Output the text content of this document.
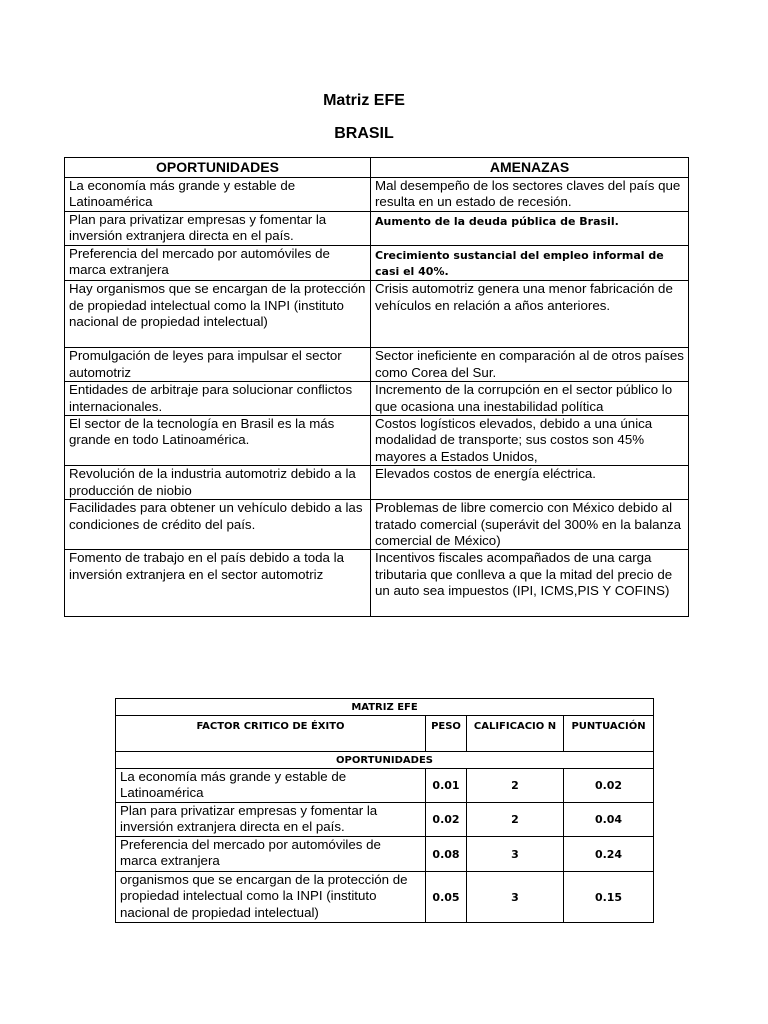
Matriz EFE
BRASIL
OPORTUNIDADES	AMENAZAS
La economía más grande y estable de Latinoamérica	Mal desempeño de los sectores claves del país que resulta en un estado de recesión.
Plan para privatizar empresas y fomentar la inversión extranjera directa en el país.	Aumento de la deuda pública de Brasil.
Preferencia del mercado por automóviles de marca extranjera	Crecimiento sustancial del empleo informal de casi el 40%.
Hay organismos que se encargan de la protección de propiedad intelectual como la INPI (instituto nacional de propiedad intelectual)	Crisis automotriz genera una menor fabricación de vehículos en relación a años anteriores.
Promulgación de leyes para impulsar el sector automotriz	Sector ineficiente en comparación al de otros países como Corea del Sur.
Entidades de arbitraje para solucionar conflictos internacionales.	Incremento de la corrupción en el sector público lo que ocasiona una inestabilidad política
El sector de la tecnología en Brasil es la más grande en todo Latinoamérica.	Costos logísticos elevados, debido a una única modalidad de transporte; sus costos son 45% mayores a Estados Unidos,
Revolución de la industria automotriz debido a la producción de niobio	Elevados costos de energía eléctrica.
Facilidades para obtener un vehículo debido a las condiciones de crédito del país.	Problemas de libre comercio con México debido al tratado comercial (superávit del 300% en la balanza comercial de México)
Fomento de trabajo en el país debido a toda la inversión extranjera en el sector automotriz	Incentivos fiscales acompañados de una carga tributaria que conlleva a que la mitad del precio de un auto sea impuestos (IPI, ICMS,PIS Y COFINS)
MATRIZ EFE			
FACTOR CRITICO DE ÉXITO	PESO	CALIFICACIO N	PUNTUACIÓN
OPORTUNIDADES			
La economía más grande y estable de Latinoamérica	0.01	2	0.02
Plan para privatizar empresas y fomentar la inversión extranjera directa en el país.	0.02	2	0.04
Preferencia del mercado por automóviles de marca extranjera	0.08	3	0.24
organismos que se encargan de la protección de propiedad intelectual como la INPI (instituto nacional de propiedad intelectual)	0.05	3	0.15
